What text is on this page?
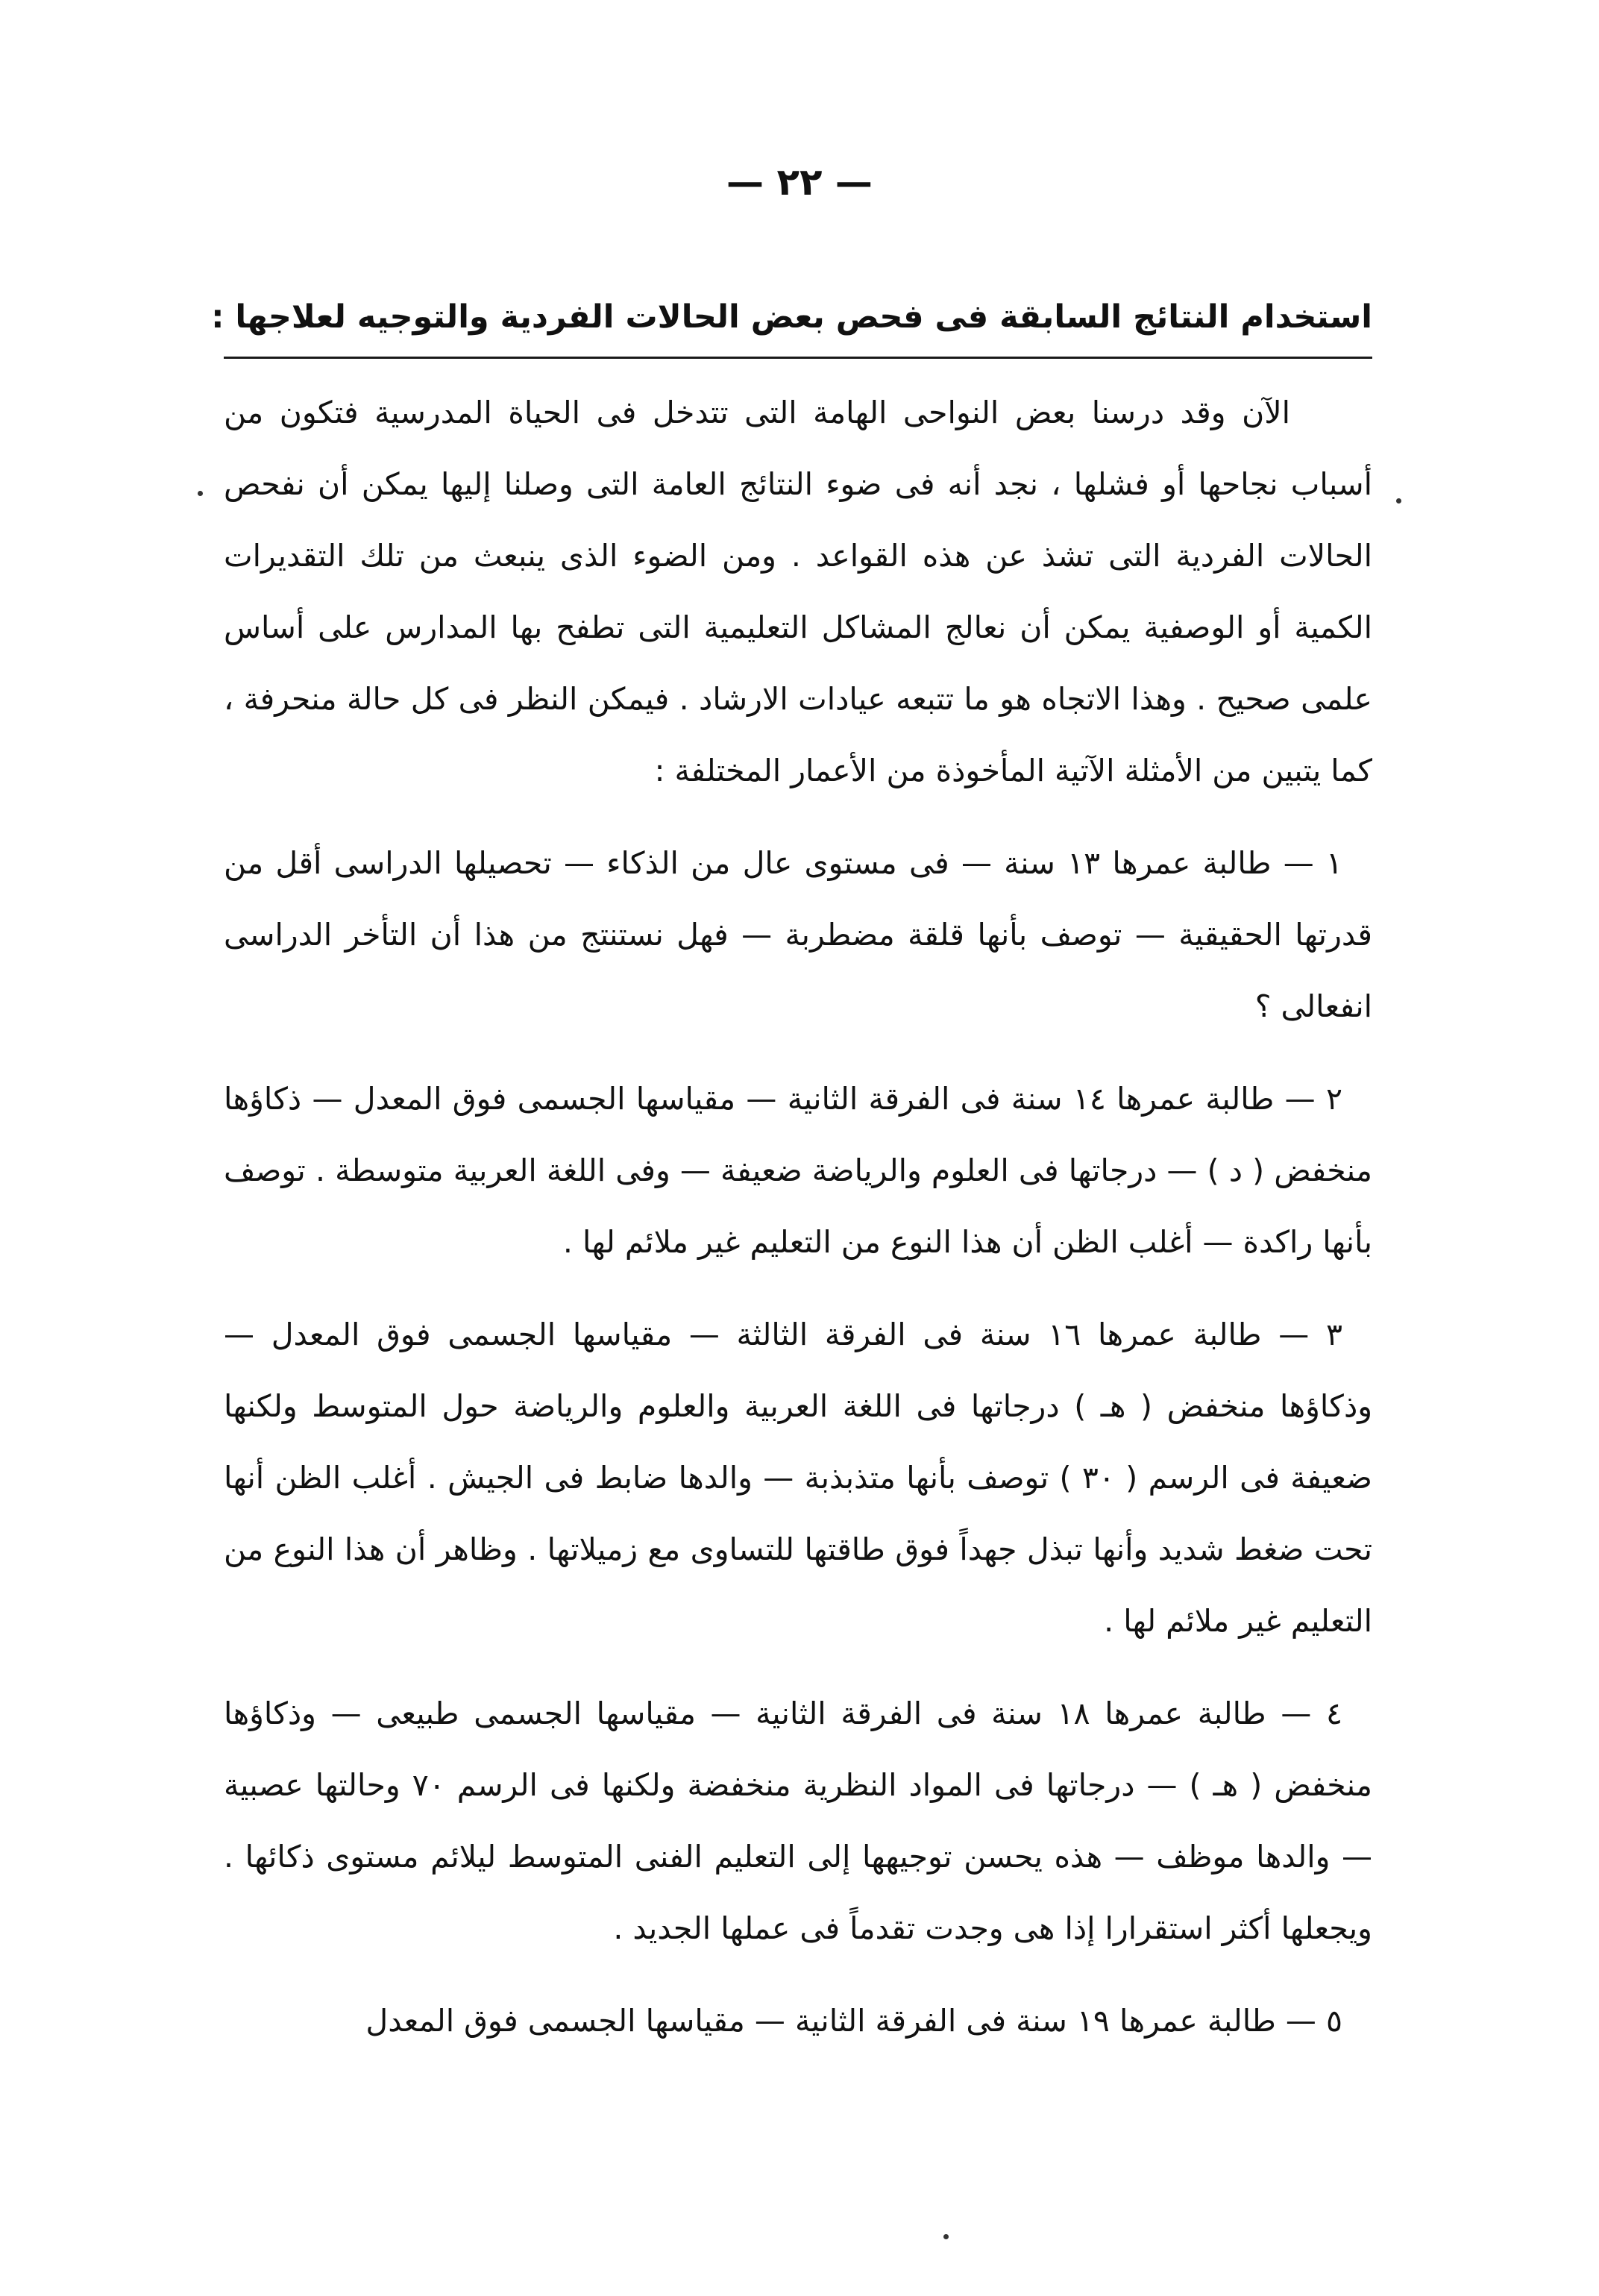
— ٢٢ —
استخدام النتائج السابقة فى فحص بعض الحالات الفردية والتوجيه لعلاجها :

الآن وقد درسنا بعض النواحى الهامة التى تتدخل فى الحياة المدرسية فتكون من أسباب نجاحها أو فشلها ، نجد أنه فى ضوء النتائج العامة التى وصلنا إليها يمكن أن نفحص الحالات الفردية التى تشذ عن هذه القواعد . ومن الضوء الذى ينبعث من تلك التقديرات الكمية أو الوصفية يمكن أن نعالج المشاكل التعليمية التى تطفح بها المدارس على أساس علمى صحيح . وهذا الاتجاه هو ما تتبعه عيادات الارشاد . فيمكن النظر فى كل حالة منحرفة ، كما يتبين من الأمثلة الآتية المأخوذة من الأعمار المختلفة :

١ — طالبة عمرها ١٣ سنة — فى مستوى عال من الذكاء — تحصيلها الدراسى أقل من قدرتها الحقيقية — توصف بأنها قلقة مضطربة — فهل نستنتج من هذا أن التأخر الدراسى انفعالى ؟

٢ — طالبة عمرها ١٤ سنة فى الفرقة الثانية — مقياسها الجسمى فوق المعدل — ذكاؤها منخفض ( د ) — درجاتها فى العلوم والرياضة ضعيفة — وفى اللغة العربية متوسطة . توصف بأنها راكدة — أغلب الظن أن هذا النوع من التعليم غير ملائم لها .

٣ — طالبة عمرها ١٦ سنة فى الفرقة الثالثة — مقياسها الجسمى فوق المعدل — وذكاؤها منخفض ( هـ ) درجاتها فى اللغة العربية والعلوم والرياضة حول المتوسط ولكنها ضعيفة فى الرسم ( ٣٠ ) توصف بأنها متذبذبة — والدها ضابط فى الجيش . أغلب الظن أنها تحت ضغط شديد وأنها تبذل جهداً فوق طاقتها للتساوى مع زميلاتها . وظاهر أن هذا النوع من التعليم غير ملائم لها .

٤ — طالبة عمرها ١٨ سنة فى الفرقة الثانية — مقياسها الجسمى طبيعى — وذكاؤها منخفض ( هـ ) — درجاتها فى المواد النظرية منخفضة ولكنها فى الرسم ٧٠ وحالتها عصبية — والدها موظف — هذه يحسن توجيهها إلى التعليم الفنى المتوسط ليلائم مستوى ذكائها . ويجعلها أكثر استقرارا إذا هى وجدت تقدماً فى عملها الجديد .

٥ — طالبة عمرها ١٩ سنة فى الفرقة الثانية — مقياسها الجسمى فوق المعدل
